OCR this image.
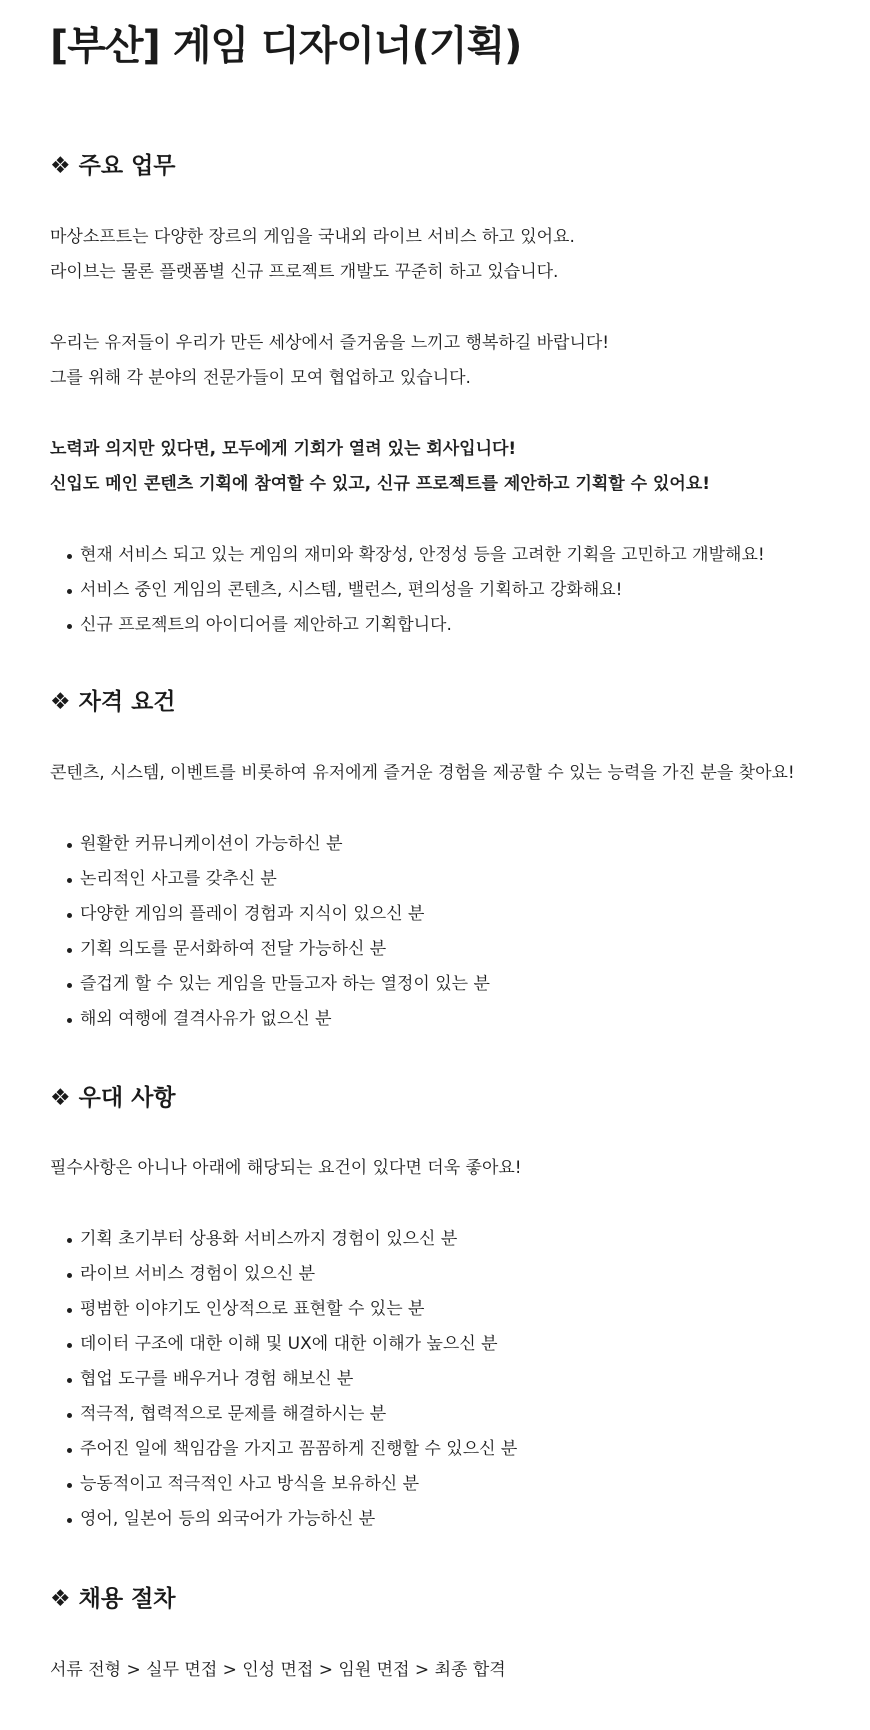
[부산] 게임 디자이너(기획)
❖ 주요 업무

마상소프트는 다양한 장르의 게임을 국내외 라이브 서비스 하고 있어요.

라이브는 물론 플랫폼별 신규 프로젝트 개발도 꾸준히 하고 있습니다.

우리는 유저들이 우리가 만든 세상에서 즐거움을 느끼고 행복하길 바랍니다!

그를 위해 각 분야의 전문가들이 모여 협업하고 있습니다.

노력과 의지만 있다면, 모두에게 기회가 열려 있는 회사입니다!

신입도 메인 콘텐츠 기획에 참여할 수 있고, 신규 프로젝트를 제안하고 기획할 수 있어요!

현재 서비스 되고 있는 게임의 재미와 확장성, 안정성 등을 고려한 기획을 고민하고 개발해요!
서비스 중인 게임의 콘텐츠, 시스템, 밸런스, 편의성을 기획하고 강화해요!
신규 프로젝트의 아이디어를 제안하고 기획합니다.
❖ 자격 요건

콘텐츠, 시스템, 이벤트를 비롯하여 유저에게 즐거운 경험을 제공할 수 있는 능력을 가진 분을 찾아요!

원활한 커뮤니케이션이 가능하신 분
논리적인 사고를 갖추신 분
다양한 게임의 플레이 경험과 지식이 있으신 분
기획 의도를 문서화하여 전달 가능하신 분
즐겁게 할 수 있는 게임을 만들고자 하는 열정이 있는 분
해외 여행에 결격사유가 없으신 분
❖ 우대 사항

필수사항은 아니나 아래에 해당되는 요건이 있다면 더욱 좋아요!

기획 초기부터 상용화 서비스까지 경험이 있으신 분
라이브 서비스 경험이 있으신 분
평범한 이야기도 인상적으로 표현할 수 있는 분
데이터 구조에 대한 이해 및 UX에 대한 이해가 높으신 분
협업 도구를 배우거나 경험 해보신 분
적극적, 협력적으로 문제를 해결하시는 분
주어진 일에 책임감을 가지고 꼼꼼하게 진행할 수 있으신 분
능동적이고 적극적인 사고 방식을 보유하신 분
영어, 일본어 등의 외국어가 가능하신 분
❖ 채용 절차

서류 전형 > 실무 면접 > 인성 면접 > 임원 면접 > 최종 합격
